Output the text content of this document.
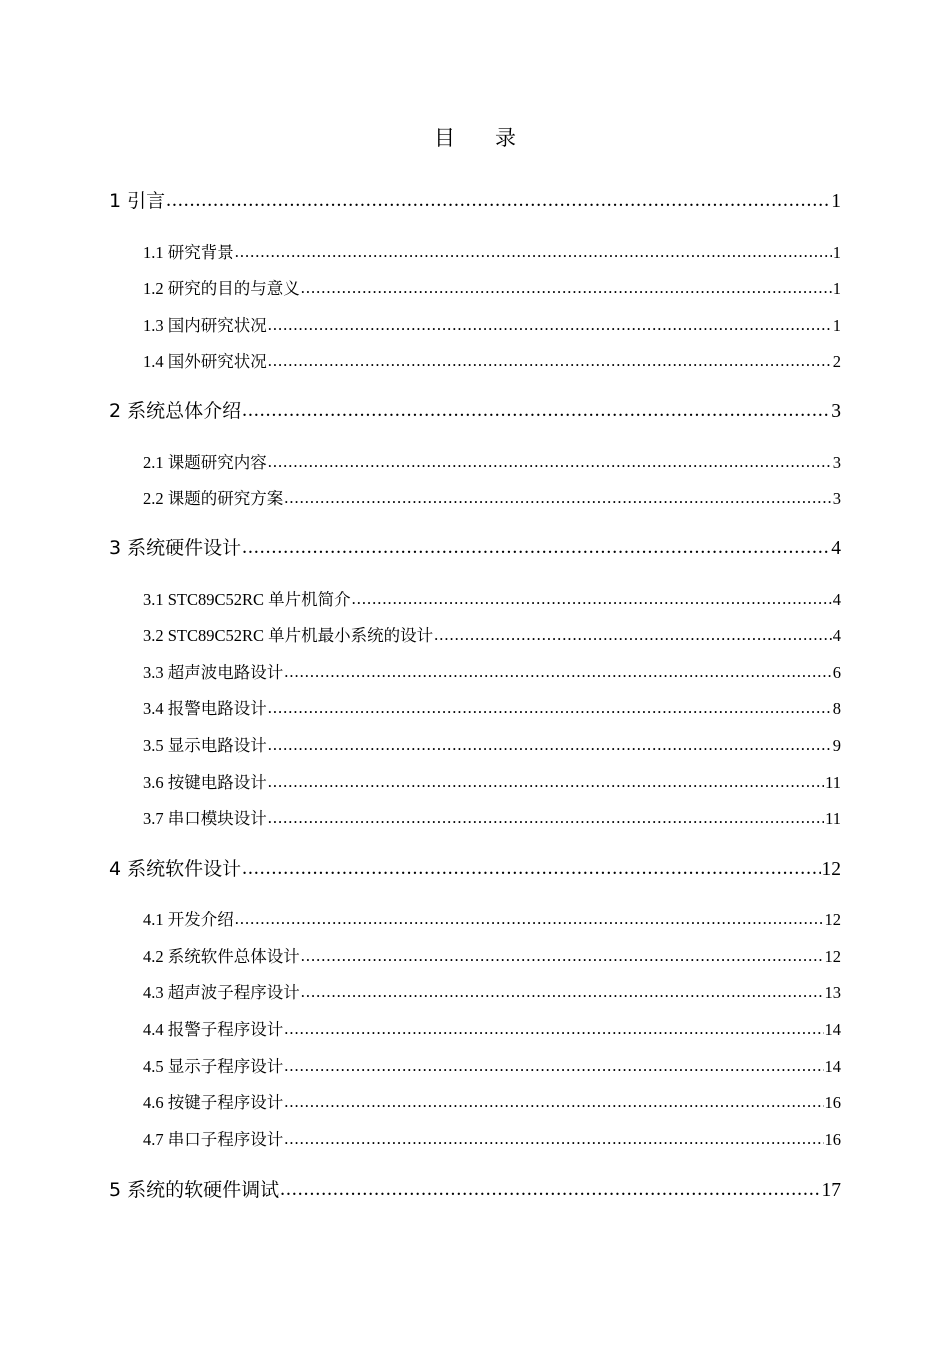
目录
1 引言 .....	1
1.1 研究背景 .....	1
1.2 研究的目的与意义 .....	1
1.3 国内研究状况 .....	1
1.4 国外研究状况 .....	2
2 系统总体介绍 .....	3
2.1 课题研究内容 .....	3
2.2 课题的研究方案 .....	3
3 系统硬件设计 .....	4
3.1 STC89C52RC 单片机简介 .....	4
3.2 STC89C52RC 单片机最小系统的设计 .....	4
3.3 超声波电路设计 .....	6
3.4 报警电路设计 .....	8
3.5 显示电路设计 .....	9
3.6 按键电路设计 .....	11
3.7 串口模块设计 .....	11
4 系统软件设计 .....	12
4.1 开发介绍 .....	12
4.2 系统软件总体设计 .....	12
4.3 超声波子程序设计 .....	13
4.4 报警子程序设计 .....	14
4.5 显示子程序设计 .....	14
4.6 按键子程序设计 .....	16
4.7 串口子程序设计 .....	16
5 系统的软硬件调试 .....	17
